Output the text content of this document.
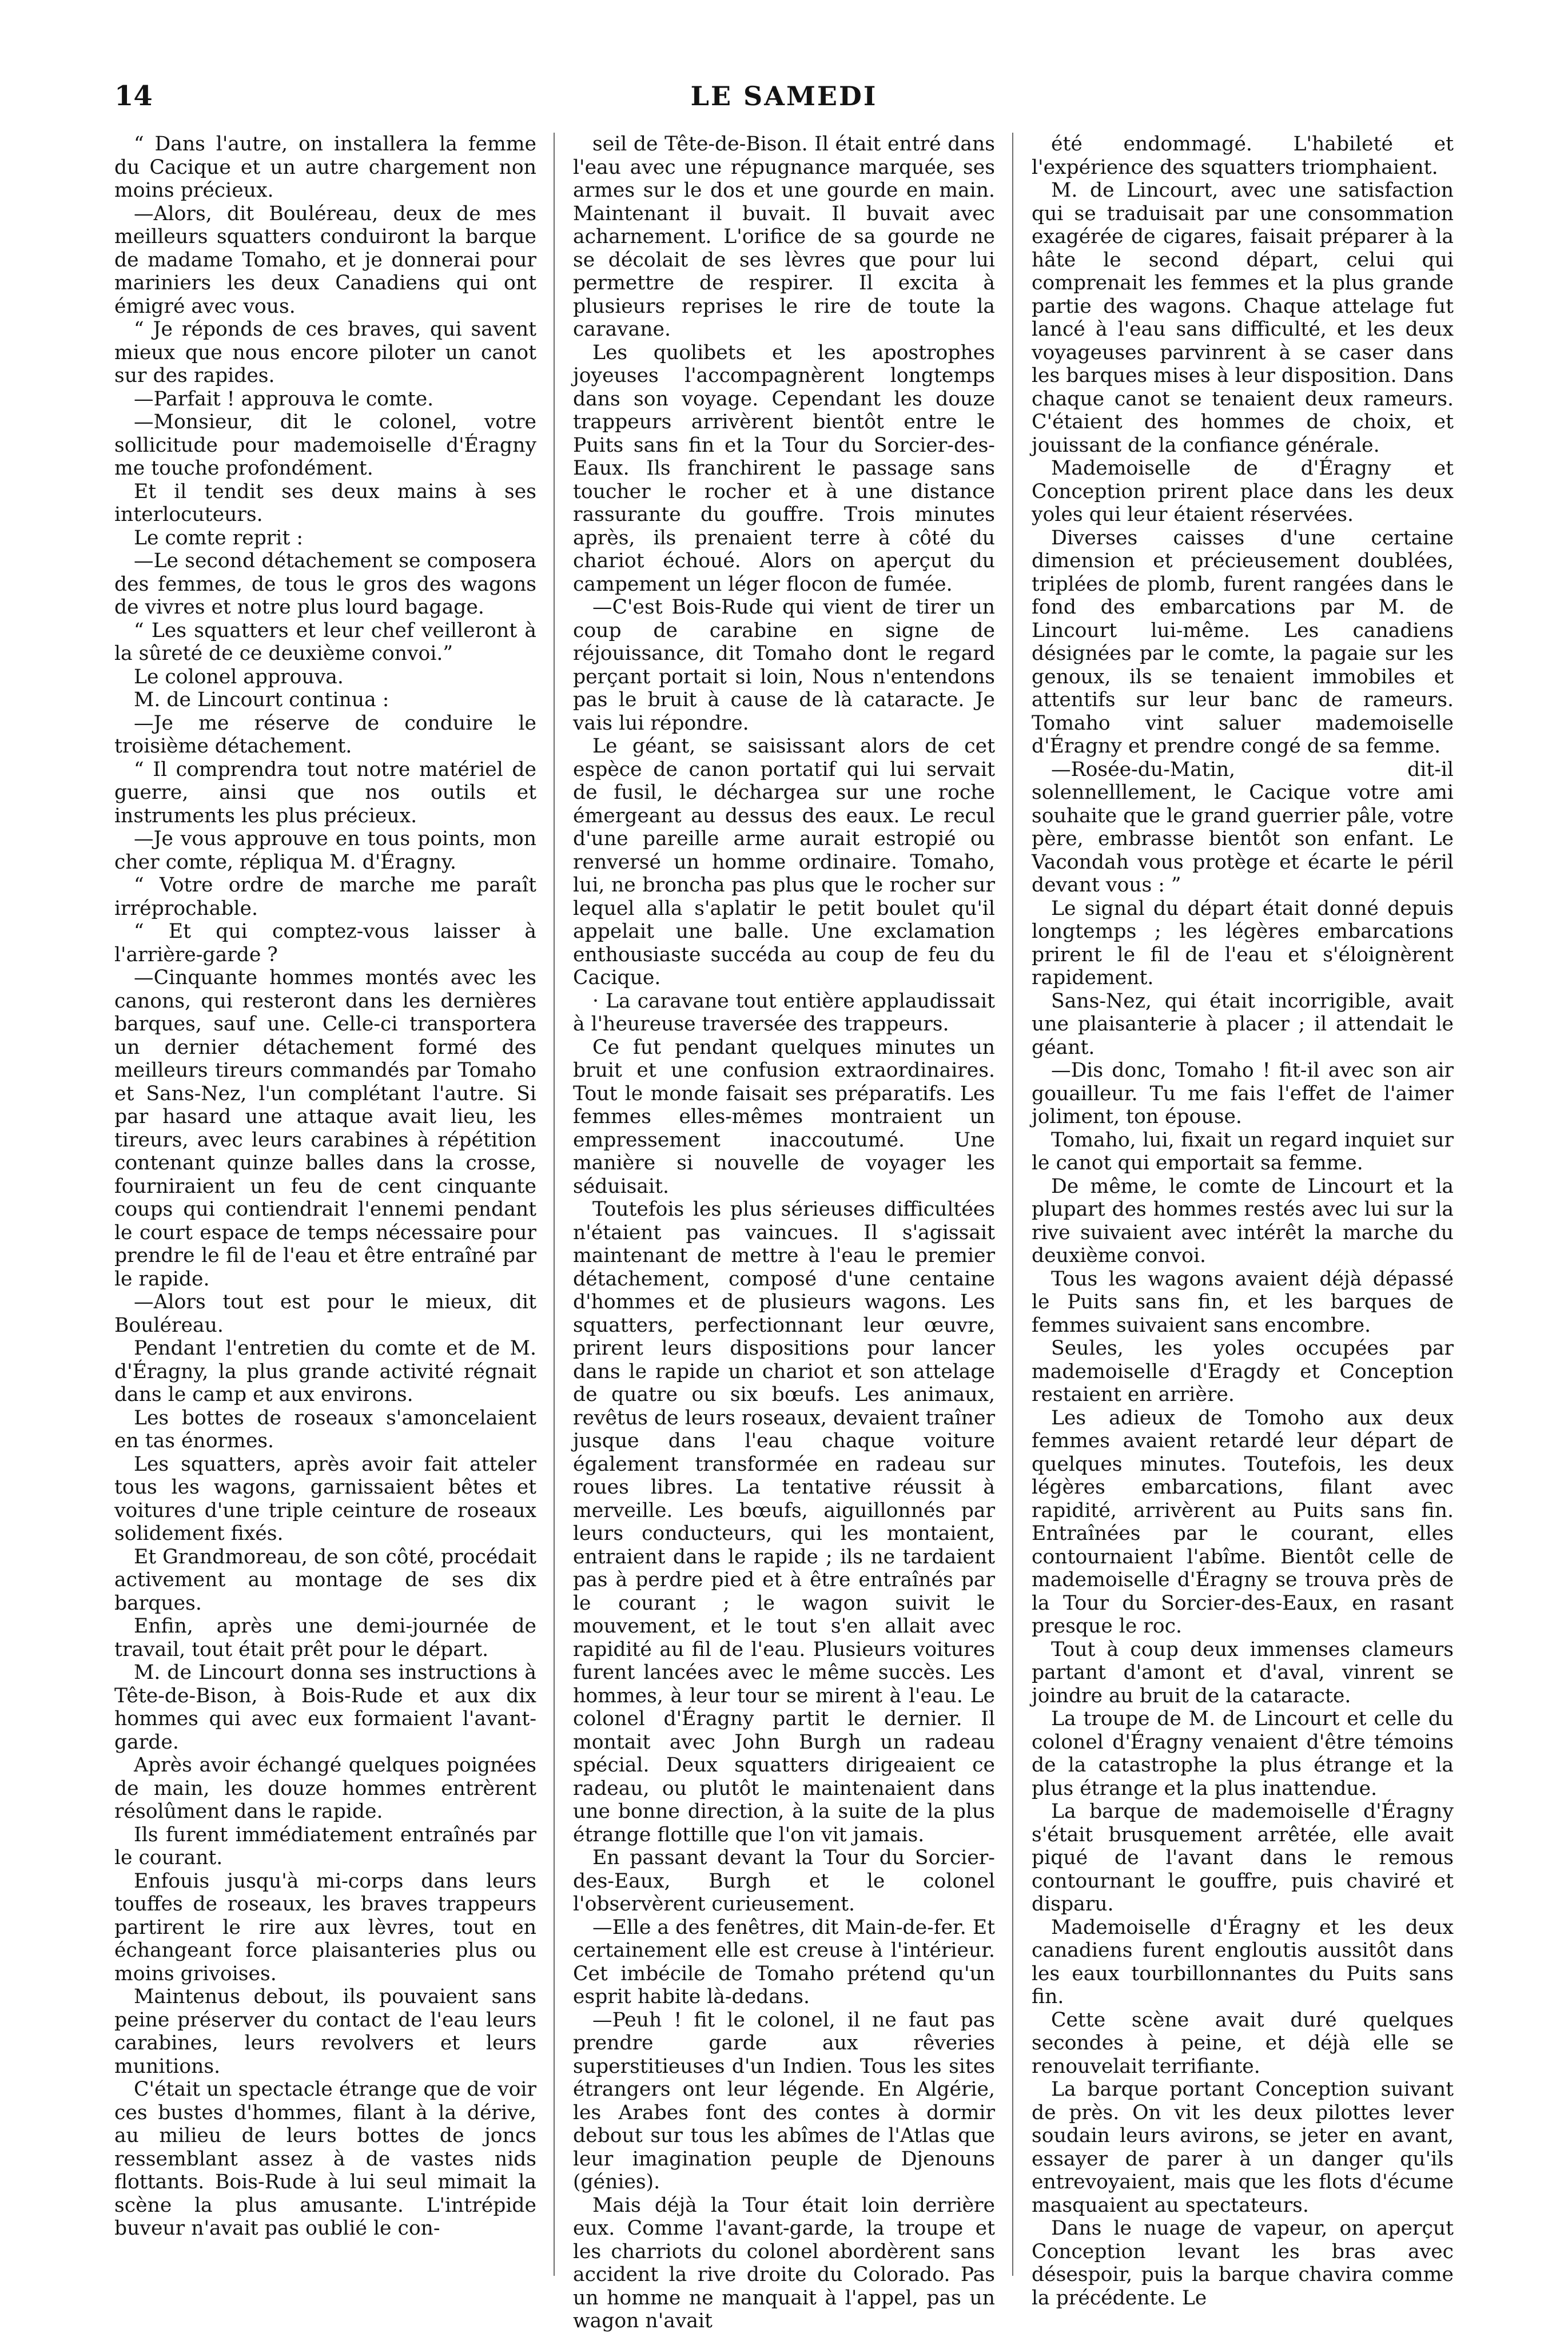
14	LE SAMEDI

“ Dans l'autre, on installera la femme du Cacique et un autre chargement non moins précieux.

—Alors, dit Bouléreau, deux de mes meilleurs squatters conduiront la barque de madame Tomaho, et je donnerai pour mariniers les deux Canadiens qui ont émigré avec vous.

“ Je réponds de ces braves, qui savent mieux que nous encore piloter un canot sur des rapides.

—Parfait ! approuva le comte.

—Monsieur, dit le colonel, votre sollicitude pour mademoiselle d'Éragny me touche profondément.

Et il tendit ses deux mains à ses interlocuteurs.

Le comte reprit :

—Le second détachement se composera des femmes, de tous le gros des wagons de vivres et notre plus lourd bagage.

“ Les squatters et leur chef veilleront à la sûreté de ce deuxième convoi.”

Le colonel approuva.

M. de Lincourt continua :

—Je me réserve de conduire le troisième détachement.

“ Il comprendra tout notre matériel de guerre, ainsi que nos outils et instruments les plus précieux.

—Je vous approuve en tous points, mon cher comte, répliqua M. d'Éragny.

“ Votre ordre de marche me paraît irréprochable.

“ Et qui comptez-vous laisser à l'arrière-garde ?

—Cinquante hommes montés avec les canons, qui resteront dans les dernières barques, sauf une. Celle-ci transportera un dernier détachement formé des meilleurs tireurs commandés par Tomaho et Sans-Nez, l'un complétant l'autre. Si par hasard une attaque avait lieu, les tireurs, avec leurs carabines à répétition contenant quinze balles dans la crosse, fourniraient un feu de cent cinquante coups qui contiendrait l'ennemi pendant le court espace de temps nécessaire pour prendre le fil de l'eau et être entraîné par le rapide.

—Alors tout est pour le mieux, dit Bouléreau.

Pendant l'entretien du comte et de M. d'Éragny, la plus grande activité régnait dans le camp et aux environs.

Les bottes de roseaux s'amoncelaient en tas énormes.

Les squatters, après avoir fait atteler tous les wagons, garnissaient bêtes et voitures d'une triple ceinture de roseaux solidement fixés.

Et Grandmoreau, de son côté, procédait activement au montage de ses dix barques.

Enfin, après une demi-journée de travail, tout était prêt pour le départ.

M. de Lincourt donna ses instructions à Tête-de-Bison, à Bois-Rude et aux dix hommes qui avec eux formaient l'avant-garde.

Après avoir échangé quelques poignées de main, les douze hommes entrèrent résolûment dans le rapide.

Ils furent immédiatement entraînés par le courant.

Enfouis jusqu'à mi-corps dans leurs touffes de roseaux, les braves trappeurs partirent le rire aux lèvres, tout en échangeant force plaisanteries plus ou moins grivoises.

Maintenus debout, ils pouvaient sans peine préserver du contact de l'eau leurs carabines, leurs revolvers et leurs munitions.

C'était un spectacle étrange que de voir ces bustes d'hommes, filant à la dérive, au milieu de leurs bottes de joncs ressemblant assez à de vastes nids flottants. Bois-Rude à lui seul mimait la scène la plus amusante. L'intrépide buveur n'avait pas oublié le con-

seil de Tête-de-Bison. Il était entré dans l'eau avec une répugnance marquée, ses armes sur le dos et une gourde en main. Maintenant il buvait. Il buvait avec acharnement. L'orifice de sa gourde ne se décolait de ses lèvres que pour lui permettre de respirer. Il excita à plusieurs reprises le rire de toute la caravane.

Les quolibets et les apostrophes joyeuses l'accompagnèrent longtemps dans son voyage. Cependant les douze trappeurs arrivèrent bientôt entre le Puits sans fin et la Tour du Sorcier-des-Eaux. Ils franchirent le passage sans toucher le rocher et à une distance rassurante du gouffre. Trois minutes après, ils prenaient terre à côté du chariot échoué. Alors on aperçut du campement un léger flocon de fumée.

—C'est Bois-Rude qui vient de tirer un coup de carabine en signe de réjouissance, dit Tomaho dont le regard perçant portait si loin, Nous n'entendons pas le bruit à cause de là cataracte. Je vais lui répondre.

Le géant, se saisissant alors de cet espèce de canon portatif qui lui servait de fusil, le déchargea sur une roche émergeant au dessus des eaux. Le recul d'une pareille arme aurait estropié ou renversé un homme ordinaire. Tomaho, lui, ne broncha pas plus que le rocher sur lequel alla s'aplatir le petit boulet qu'il appelait une balle. Une exclamation enthousiaste succéda au coup de feu du Cacique.

· La caravane tout entière applaudissait à l'heureuse traversée des trappeurs.

Ce fut pendant quelques minutes un bruit et une confusion extraordinaires. Tout le monde faisait ses préparatifs. Les femmes elles-mêmes montraient un empressement inaccoutumé. Une manière si nouvelle de voyager les séduisait.

Toutefois les plus sérieuses difficultées n'étaient pas vaincues. Il s'agissait maintenant de mettre à l'eau le premier détachement, composé d'une centaine d'hommes et de plusieurs wagons. Les squatters, perfectionnant leur œuvre, prirent leurs dispositions pour lancer dans le rapide un chariot et son attelage de quatre ou six bœufs. Les animaux, revêtus de leurs roseaux, devaient traîner jusque dans l'eau chaque voiture également transformée en radeau sur roues libres. La tentative réussit à merveille. Les bœufs, aiguillonnés par leurs conducteurs, qui les montaient, entraient dans le rapide ; ils ne tardaient pas à perdre pied et à être entraînés par le courant ; le wagon suivit le mouvement, et le tout s'en allait avec rapidité au fil de l'eau. Plusieurs voitures furent lancées avec le même succès. Les hommes, à leur tour se mirent à l'eau. Le colonel d'Éragny partit le dernier. Il montait avec John Burgh un radeau spécial. Deux squatters dirigeaient ce radeau, ou plutôt le maintenaient dans une bonne direction, à la suite de la plus étrange flottille que l'on vit jamais.

En passant devant la Tour du Sorcier-des-Eaux, Burgh et le colonel l'observèrent curieusement.

—Elle a des fenêtres, dit Main-de-fer. Et certainement elle est creuse à l'intérieur. Cet imbécile de Tomaho prétend qu'un esprit habite là-dedans.

—Peuh ! fit le colonel, il ne faut pas prendre garde aux rêveries superstitieuses d'un Indien. Tous les sites étrangers ont leur légende. En Algérie, les Arabes font des contes à dormir debout sur tous les abîmes de l'Atlas que leur imagination peuple de Djenouns (génies).

Mais déjà la Tour était loin derrière eux. Comme l'avant-garde, la troupe et les charriots du colonel abordèrent sans accident la rive droite du Colorado. Pas un homme ne manquait à l'appel, pas un wagon n'avait

été endommagé. L'habileté et l'expérience des squatters triomphaient.

M. de Lincourt, avec une satisfaction qui se traduisait par une consommation exagérée de cigares, faisait préparer à la hâte le second départ, celui qui comprenait les femmes et la plus grande partie des wagons. Chaque attelage fut lancé à l'eau sans difficulté, et les deux voyageuses parvinrent à se caser dans les barques mises à leur disposition. Dans chaque canot se tenaient deux rameurs. C'étaient des hommes de choix, et jouissant de la confiance générale.

Mademoiselle de d'Éragny et Conception prirent place dans les deux yoles qui leur étaient réservées.

Diverses caisses d'une certaine dimension et précieusement doublées, triplées de plomb, furent rangées dans le fond des embarcations par M. de Lincourt lui-même. Les canadiens désignées par le comte, la pagaie sur les genoux, ils se tenaient immobiles et attentifs sur leur banc de rameurs. Tomaho vint saluer mademoiselle d'Éragny et prendre congé de sa femme.

—Rosée-du-Matin, dit-il solennelllement, le Cacique votre ami souhaite que le grand guerrier pâle, votre père, embrasse bientôt son enfant. Le Vacondah vous protège et écarte le péril devant vous : ”

Le signal du départ était donné depuis longtemps ; les légères embarcations prirent le fil de l'eau et s'éloignèrent rapidement.

Sans-Nez, qui était incorrigible, avait une plaisanterie à placer ; il attendait le géant.

—Dis donc, Tomaho ! fit-il avec son air gouailleur. Tu me fais l'effet de l'aimer joliment, ton épouse.

Tomaho, lui, fixait un regard inquiet sur le canot qui emportait sa femme.

De même, le comte de Lincourt et la plupart des hommes restés avec lui sur la rive suivaient avec intérêt la marche du deuxième convoi.

Tous les wagons avaient déjà dépassé le Puits sans fin, et les barques de femmes suivaient sans encombre.

Seules, les yoles occupées par mademoiselle d'Eragdy et Conception restaient en arrière.

Les adieux de Tomoho aux deux femmes avaient retardé leur départ de quelques minutes. Toutefois, les deux légères embarcations, filant avec rapidité, arrivèrent au Puits sans fin. Entraînées par le courant, elles contournaient l'abîme. Bientôt celle de mademoiselle d'Éragny se trouva près de la Tour du Sorcier-des-Eaux, en rasant presque le roc.

Tout à coup deux immenses clameurs partant d'amont et d'aval, vinrent se joindre au bruit de la cataracte.

La troupe de M. de Lincourt et celle du colonel d'Éragny venaient d'être témoins de la catastrophe la plus étrange et la plus étrange et la plus inattendue.

La barque de mademoiselle d'Éragny s'était brusquement arrêtée, elle avait piqué de l'avant dans le remous contournant le gouffre, puis chaviré et disparu.

Mademoiselle d'Éragny et les deux canadiens furent engloutis aussitôt dans les eaux tourbillonnantes du Puits sans fin.

Cette scène avait duré quelques secondes à peine, et déjà elle se renouvelait terrifiante.

La barque portant Conception suivant de près. On vit les deux pilottes lever soudain leurs avirons, se jeter en avant, essayer de parer à un danger qu'ils entrevoyaient, mais que les flots d'écume masquaient au spectateurs.

Dans le nuage de vapeur, on aperçut Conception levant les bras avec désespoir, puis la barque chavira comme la précédente. Le
